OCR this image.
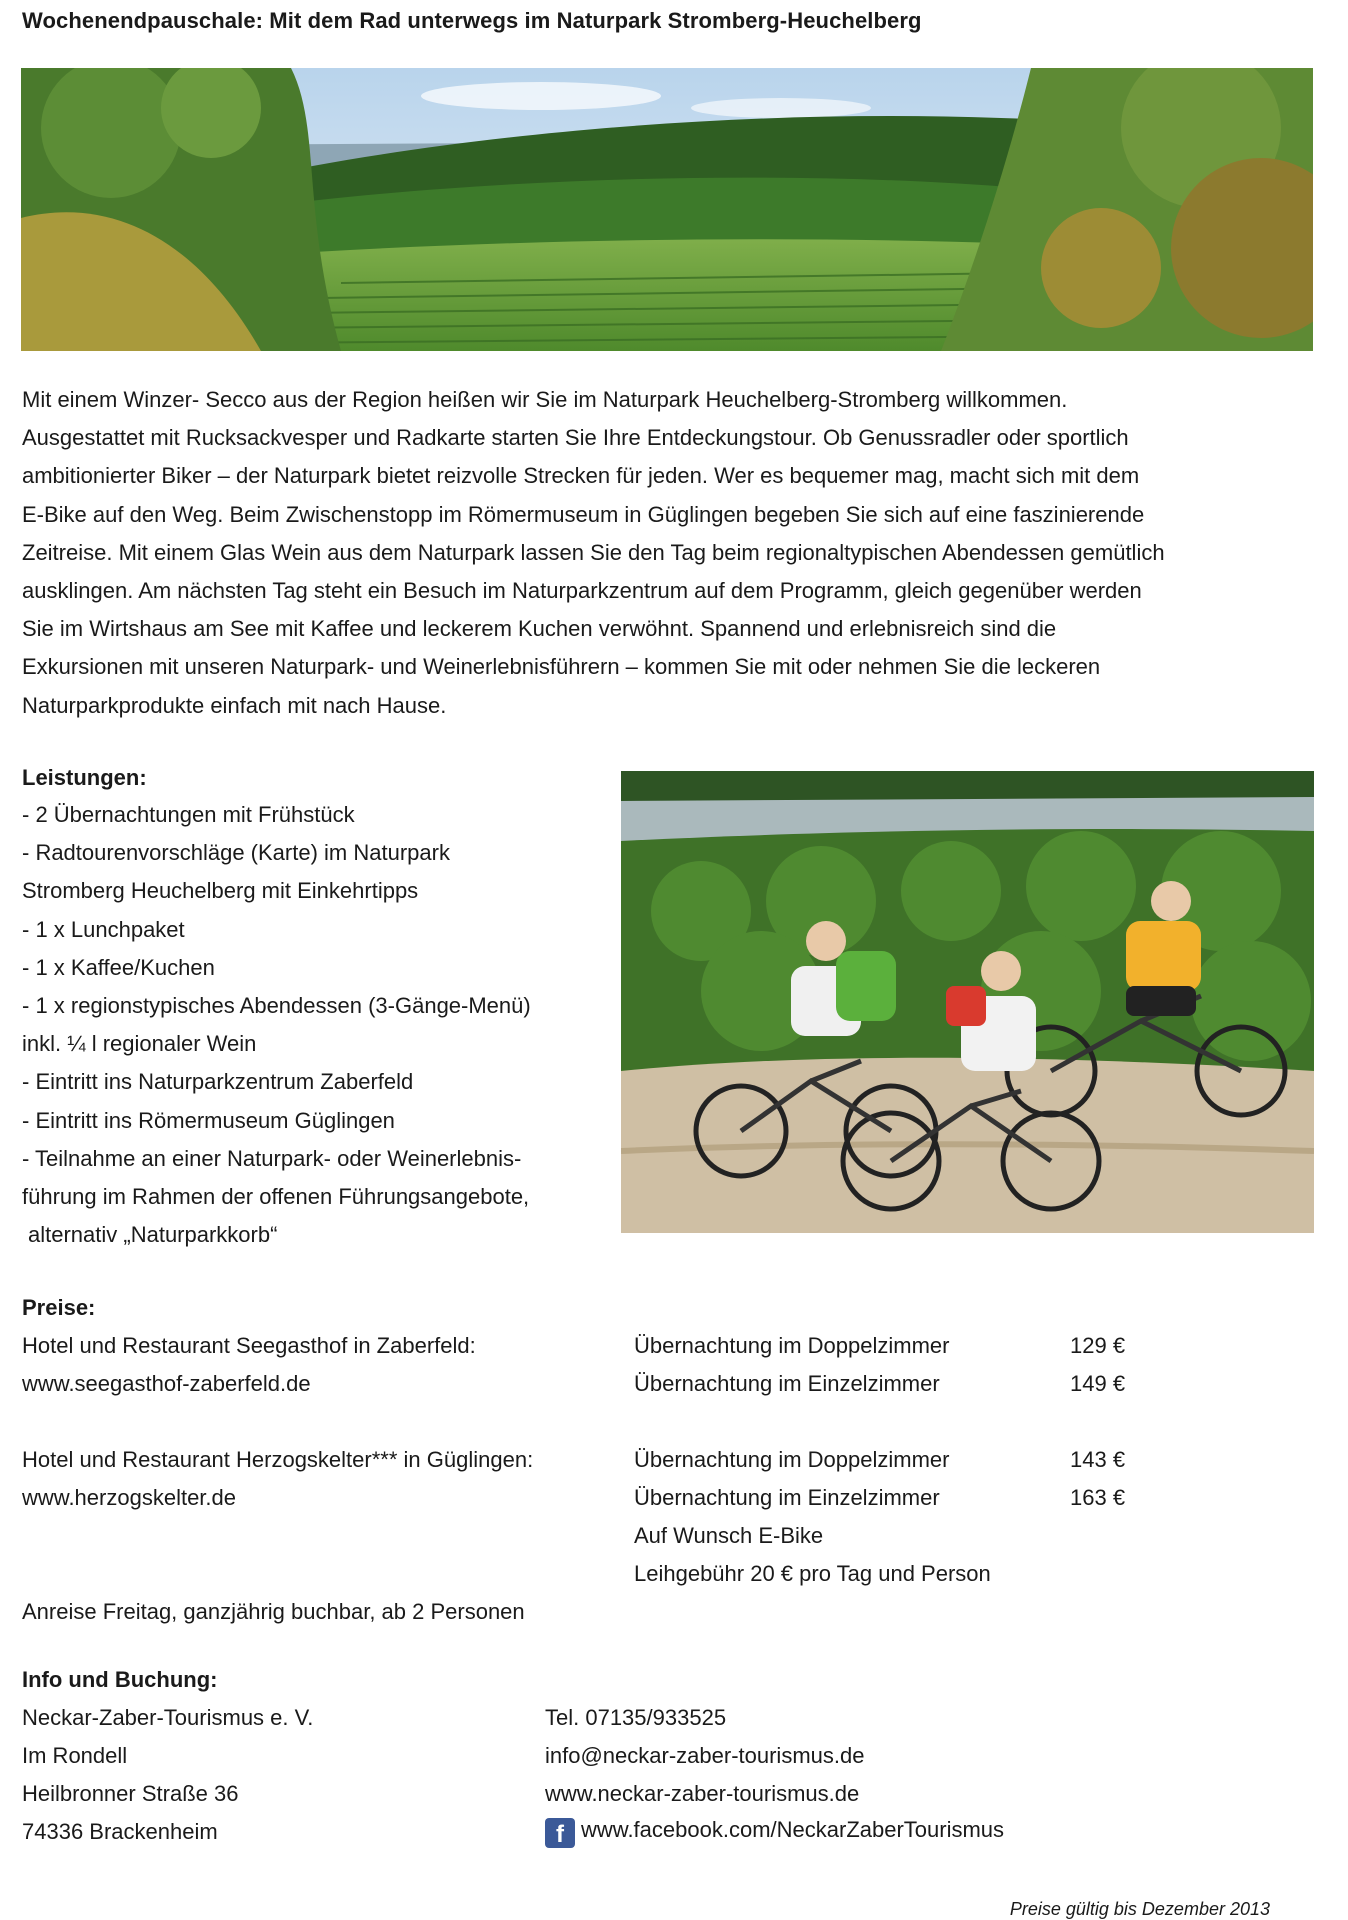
Wochenendpauschale: Mit dem Rad unterwegs im Naturpark Stromberg-Heuchelberg

Mit einem Winzer- Secco aus der Region heißen wir Sie im Naturpark Heuchelberg-Stromberg willkommen.
Ausgestattet mit Rucksackvesper und Radkarte starten Sie Ihre Entdeckungstour. Ob Genussradler oder sportlich
ambitionierter Biker – der Naturpark bietet reizvolle Strecken für jeden. Wer es bequemer mag, macht sich mit dem
E-Bike auf den Weg. Beim Zwischenstopp im Römermuseum in Güglingen begeben Sie sich auf eine faszinierende
Zeitreise. Mit einem Glas Wein aus dem Naturpark lassen Sie den Tag beim regionaltypischen Abendessen gemütlich
ausklingen. Am nächsten Tag steht ein Besuch im Naturparkzentrum auf dem Programm, gleich gegenüber werden
Sie im Wirtshaus am See mit Kaffee und leckerem Kuchen verwöhnt. Spannend und erlebnisreich sind die
Exkursionen mit unseren Naturpark- und Weinerlebnisführern – kommen Sie mit oder nehmen Sie die leckeren
Naturparkprodukte einfach mit nach Hause.

Leistungen:
- 2 Übernachtungen mit Frühstück
- Radtourenvorschläge (Karte) im Naturpark
Stromberg Heuchelberg mit Einkehrtipps
- 1 x Lunchpaket
- 1 x Kaffee/Kuchen
- 1 x regionstypisches Abendessen (3-Gänge-Menü)
inkl. ¼ l regionaler Wein
- Eintritt ins Naturparkzentrum Zaberfeld
- Eintritt ins Römermuseum Güglingen
- Teilnahme an einer Naturpark- oder Weinerlebnis-
führung im Rahmen der offenen Führungsangebote,
alternativ „Naturparkkorb“
Preise:
Hotel und Restaurant Seegasthof in Zaberfeld:
www.seegasthof-zaberfeld.de
Übernachtung im Doppelzimmer	129 €
Übernachtung im Einzelzimmer	149 €
Hotel und Restaurant Herzogskelter*** in Güglingen:
www.herzogskelter.de
Übernachtung im Doppelzimmer	143 €
Übernachtung im Einzelzimmer	163 €
Auf Wunsch E-Bike
Leihgebühr 20 € pro Tag und Person
Anreise Freitag, ganzjährig buchbar, ab 2 Personen
Info und Buchung:
Neckar-Zaber-Tourismus e. V.
Im Rondell
Heilbronner Straße 36
74336 Brackenheim
Tel. 07135/933525
info@neckar-zaber-tourismus.de
www.neckar-zaber-tourismus.de
f www.facebook.com/NeckarZaberTourismus
Preise gültig bis Dezember 2013
